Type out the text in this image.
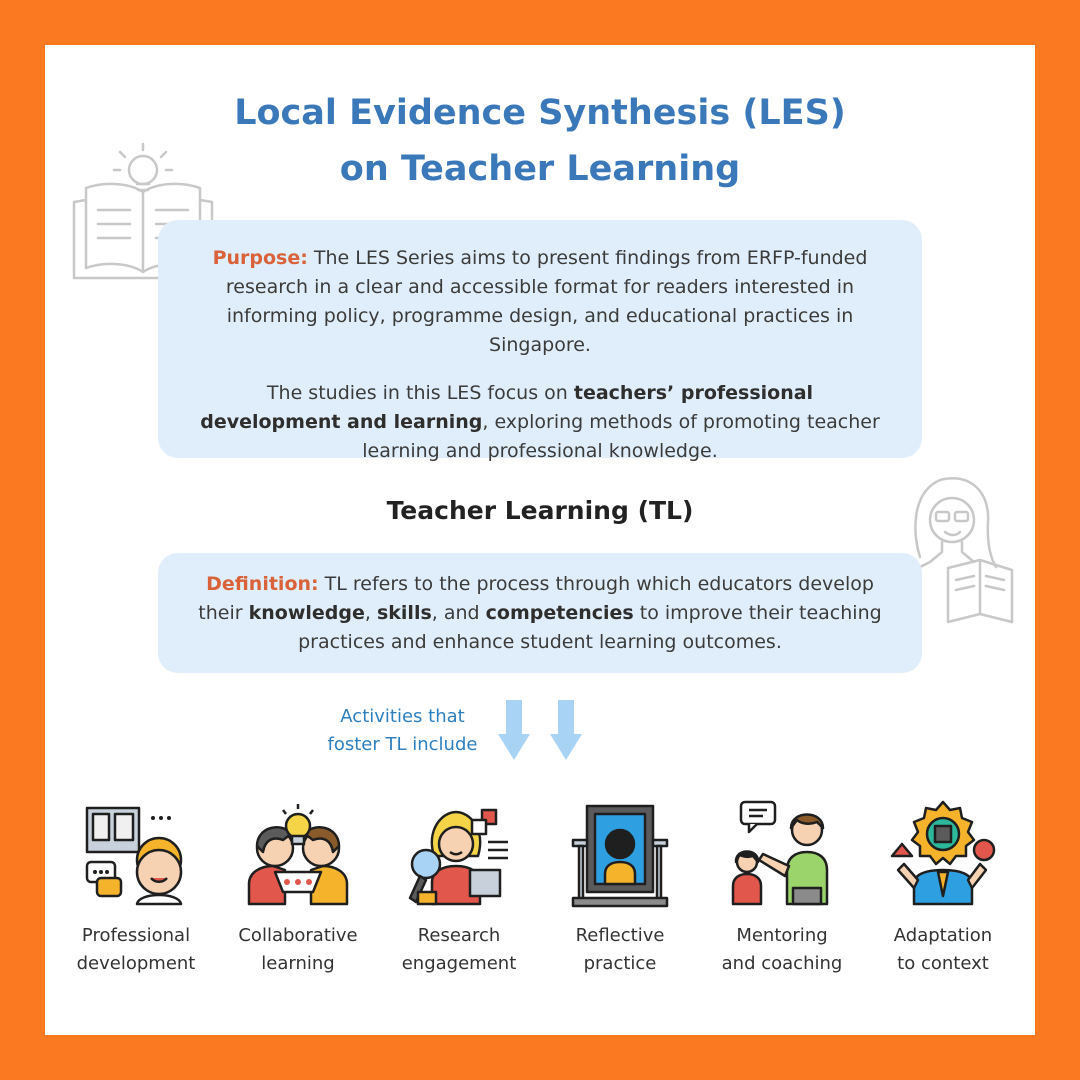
Local Evidence Synthesis (LES)
on Teacher Learning

Purpose: The LES Series aims to present findings from ERFP-funded research in a clear and accessible format for readers interested in informing policy, programme design, and educational practices in Singapore.

The studies in this LES focus on teachers’ professional development and learning, exploring methods of promoting teacher learning and professional knowledge.

Teacher Learning (TL)

Definition: TL refers to the process through which educators develop their knowledge, skills, and competencies to improve their teaching practices and enhance student learning outcomes.

Activities that
foster TL include
Professional
development
Collaborative
learning
Research
engagement
Reflective
practice
Mentoring
and coaching
Adaptation
to context
